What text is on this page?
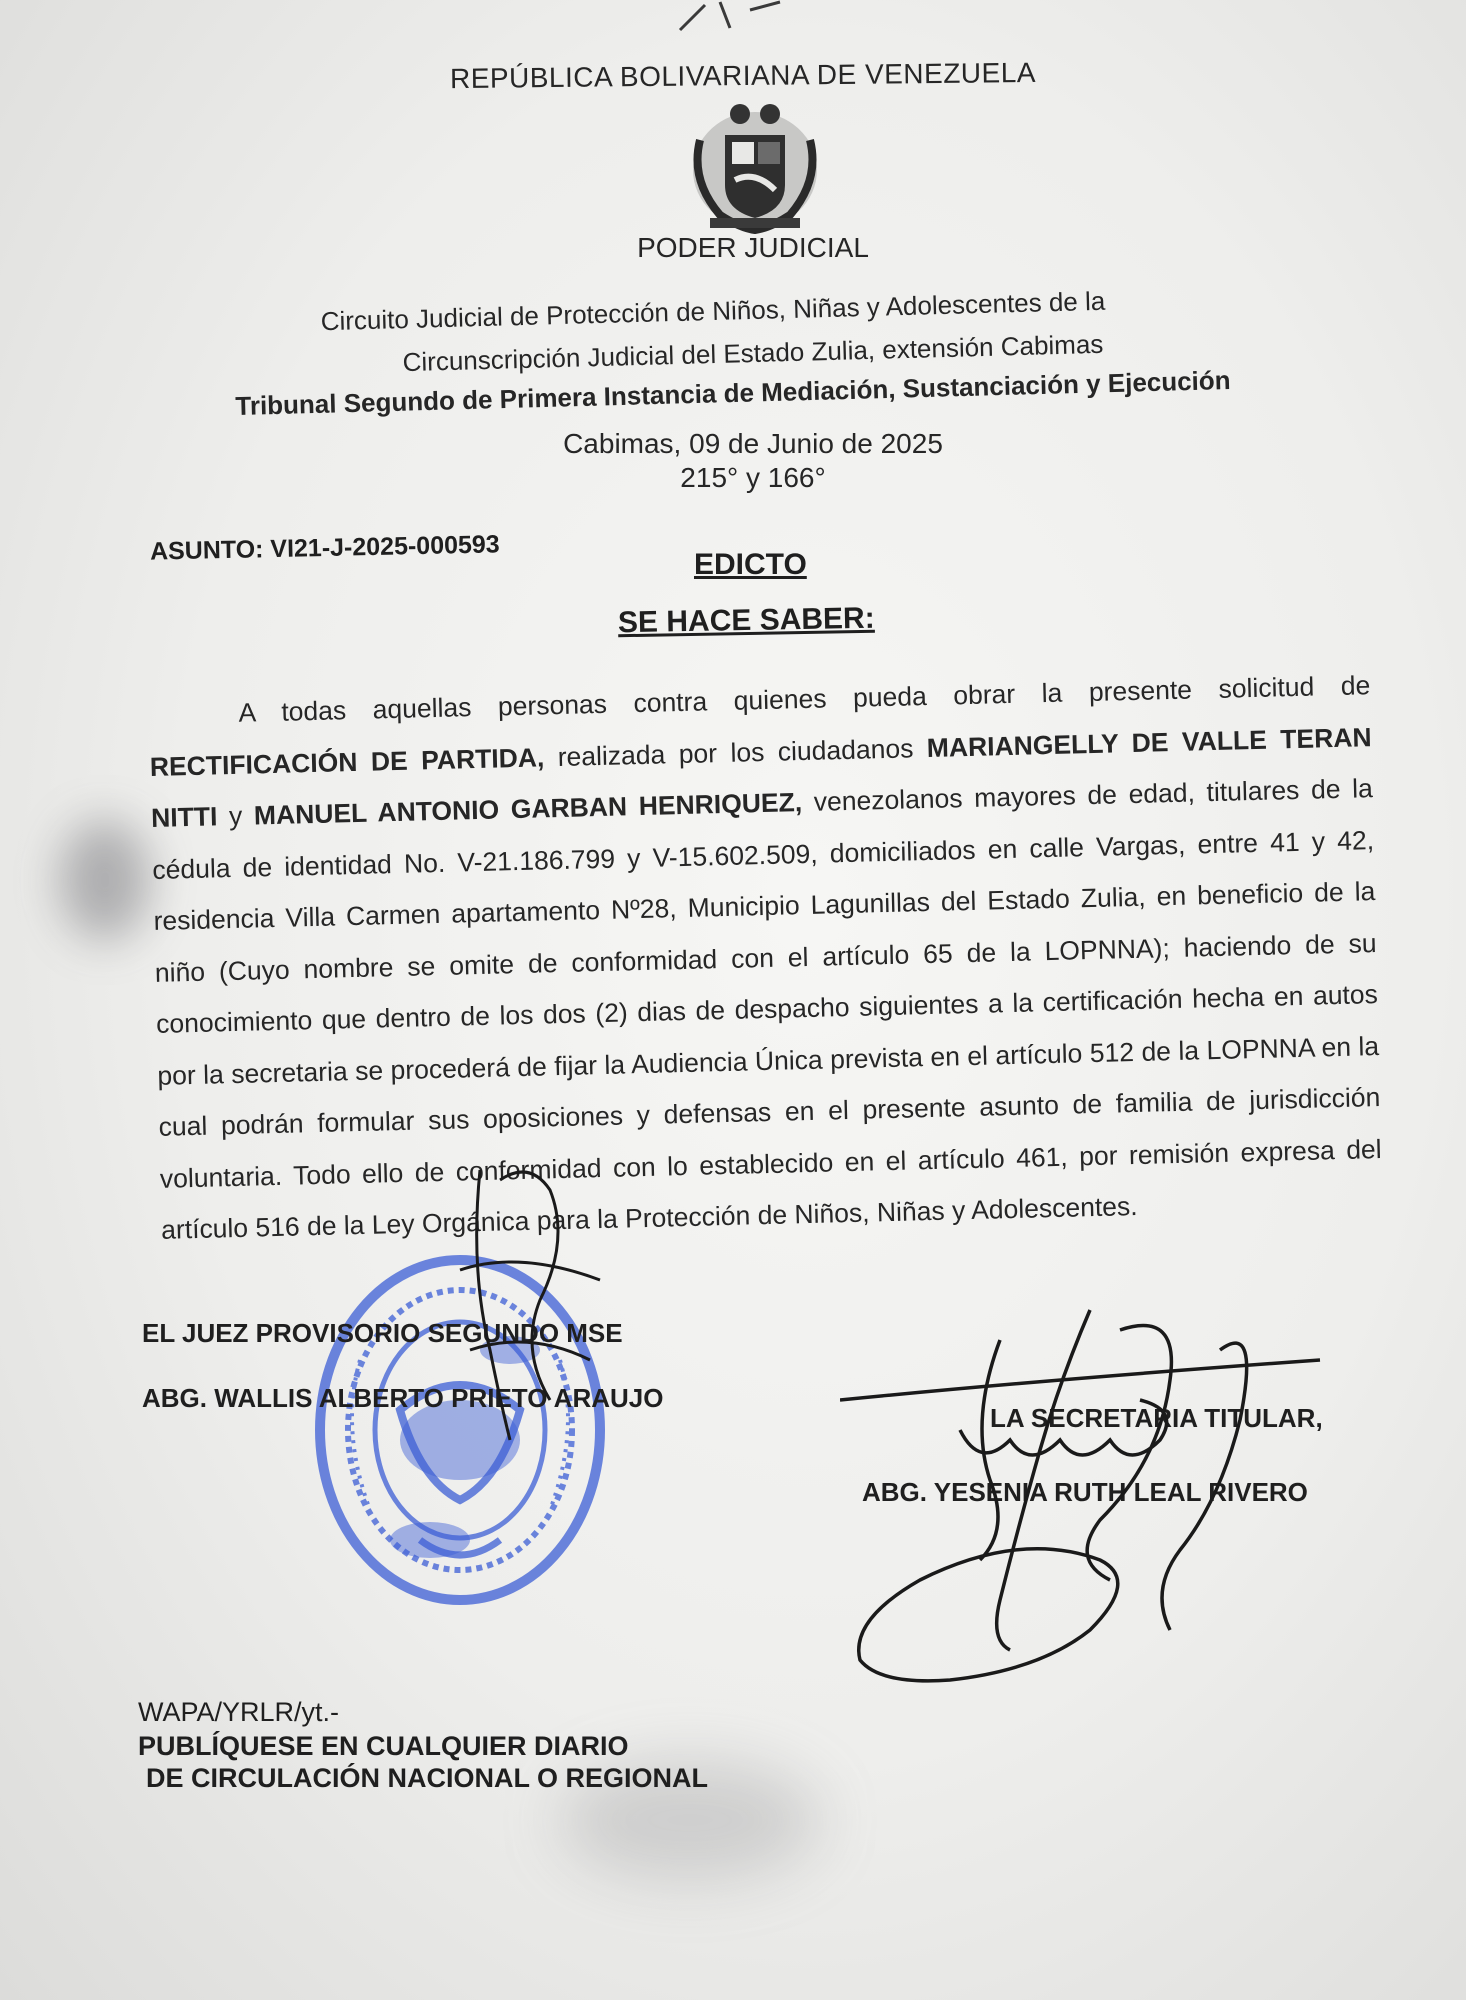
REPÚBLICA BOLIVARIANA DE VENEZUELA
PODER JUDICIAL
Circuito Judicial de Protección de Niños, Niñas y Adolescentes de la
Circunscripción Judicial del Estado Zulia, extensión Cabimas
Tribunal Segundo de Primera Instancia de Mediación, Sustanciación y Ejecución
Cabimas, 09 de Junio de 2025
215° y 166°
ASUNTO: VI21-J-2025-000593	EDICTO
SE HACE SABER:
A todas aquellas personas contra quienes pueda obrar la presente solicitud de RECTIFICACIÓN DE PARTIDA, realizada por los ciudadanos MARIANGELLY DE VALLE TERAN NITTI y MANUEL ANTONIO GARBAN HENRIQUEZ, venezolanos mayores de edad, titulares de la cédula de identidad No. V-21.186.799 y V-15.602.509, domiciliados en calle Vargas, entre 41 y 42, residencia Villa Carmen apartamento Nº28, Municipio Lagunillas del Estado Zulia, en beneficio de la niño (Cuyo nombre se omite de conformidad con el artículo 65 de la LOPNNA); haciendo de su conocimiento que dentro de los dos (2) dias de despacho siguientes a la certificación hecha en autos por la secretaria se procederá de fijar la Audiencia Única prevista en el artículo 512 de la LOPNNA en la cual podrán formular sus oposiciones y defensas en el presente asunto de familia de jurisdicción voluntaria. Todo ello de conformidad con lo establecido en el artículo 461, por remisión expresa del artículo 516 de la Ley Orgánica para la Protección de Niños, Niñas y Adolescentes.
EL JUEZ PROVISORIO SEGUNDO MSE
ABG. WALLIS ALBERTO PRIETO ARAUJO
LA SECRETARIA TITULAR,
ABG. YESENIA RUTH LEAL RIVERO
WAPA/YRLR/yt.-
PUBLÍQUESE EN CUALQUIER DIARIO
DE CIRCULACIÓN NACIONAL O REGIONAL
